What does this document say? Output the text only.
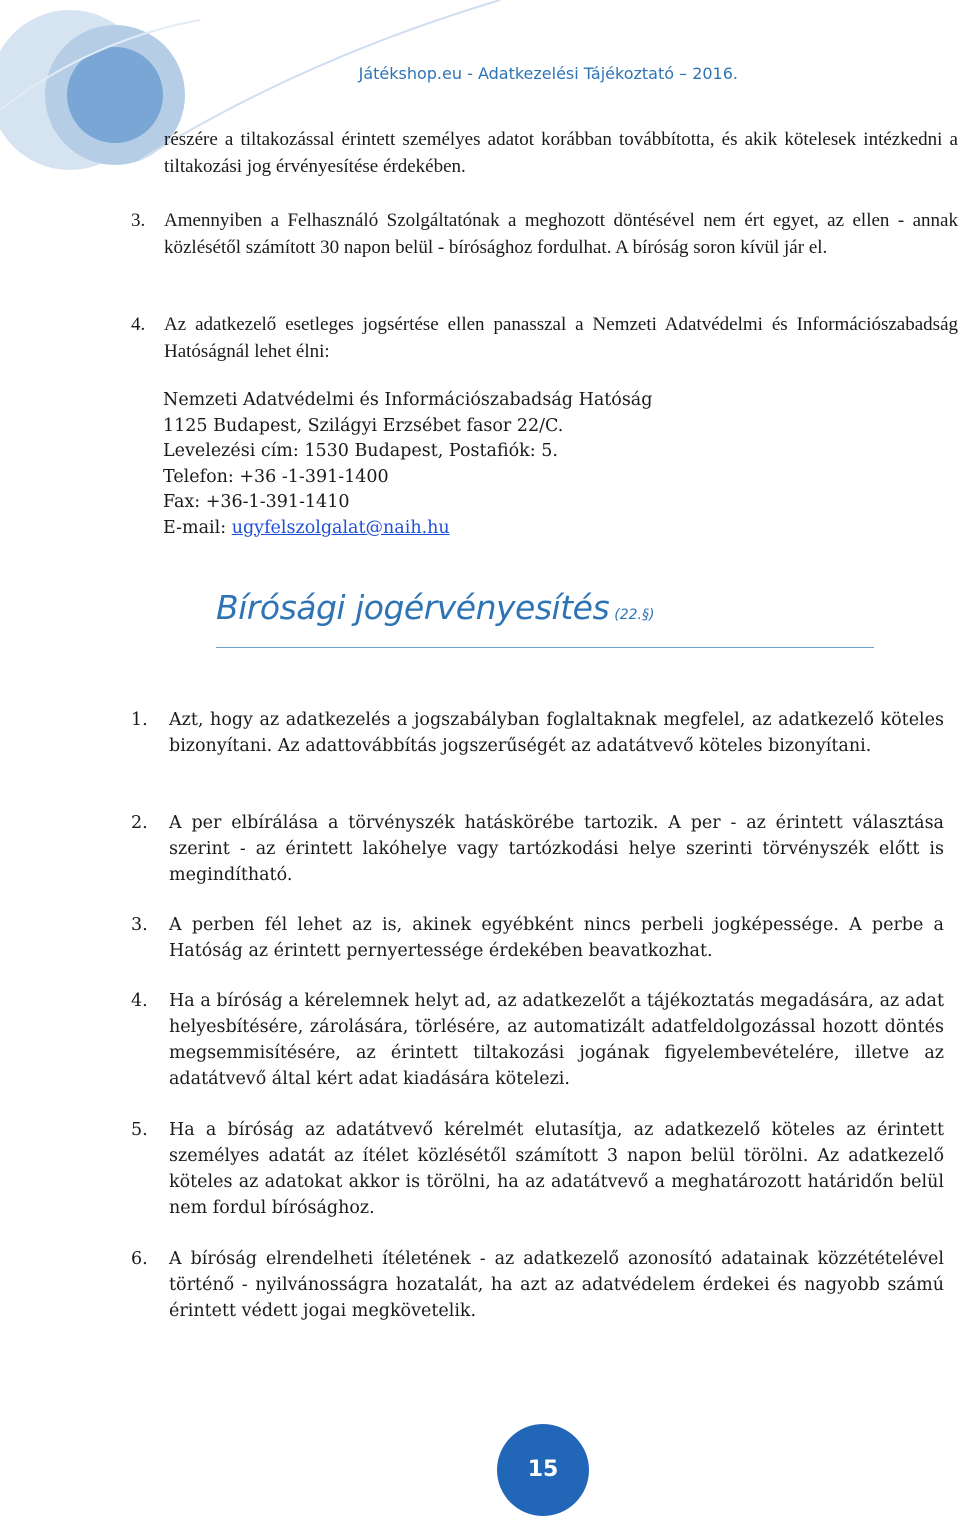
Játékshop.eu - Adatkezelési Tájékoztató – 2016.
részére a tiltakozással érintett személyes adatot korábban továbbította, és akik kötelesek intézkedni a tiltakozási jog érvényesítése érdekében.
3. Amennyiben a Felhasználó Szolgáltatónak a meghozott döntésével nem ért egyet, az ellen - annak közlésétől számított 30 napon belül - bírósághoz fordulhat. A bíróság soron kívül jár el.
4. Az adatkezelő esetleges jogsértése ellen panasszal a Nemzeti Adatvédelmi és Információszabadság Hatóságnál lehet élni:
Nemzeti Adatvédelmi és Információszabadság Hatóság
1125 Budapest, Szilágyi Erzsébet fasor 22/C.
Levelezési cím: 1530 Budapest, Postafiók: 5.
Telefon: +36 -1-391-1400
Fax: +36-1-391-1410
E-mail: ugyfelszolgalat@naih.hu
Bírósági jogérvényesítés (22.§)
1. Azt, hogy az adatkezelés a jogszabályban foglaltaknak megfelel, az adatkezelő köteles bizonyítani. Az adattovábbítás jogszerűségét az adatátvevő köteles bizonyítani.
2. A per elbírálása a törvényszék hatáskörébe tartozik. A per - az érintett választása szerint - az érintett lakóhelye vagy tartózkodási helye szerinti törvényszék előtt is megindítható.
3. A perben fél lehet az is, akinek egyébként nincs perbeli jogképessége. A perbe a Hatóság az érintett pernyertessége érdekében beavatkozhat.
4. Ha a bíróság a kérelemnek helyt ad, az adatkezelőt a tájékoztatás megadására, az adat helyesbítésére, zárolására, törlésére, az automatizált adatfeldolgozással hozott döntés megsemmisítésére, az érintett tiltakozási jogának figyelembevételére, illetve az adatátvevő által kért adat kiadására kötelezi.
5. Ha a bíróság az adatátvevő kérelmét elutasítja, az adatkezelő köteles az érintett személyes adatát az ítélet közlésétől számított 3 napon belül törölni. Az adatkezelő köteles az adatokat akkor is törölni, ha az adatátvevő a meghatározott határidőn belül nem fordul bírósághoz.
6. A bíróság elrendelheti ítéletének - az adatkezelő azonosító adatainak közzétételével történő - nyilvánosságra hozatalát, ha azt az adatvédelem érdekei és nagyobb számú érintett védett jogai megkövetelik.
15
